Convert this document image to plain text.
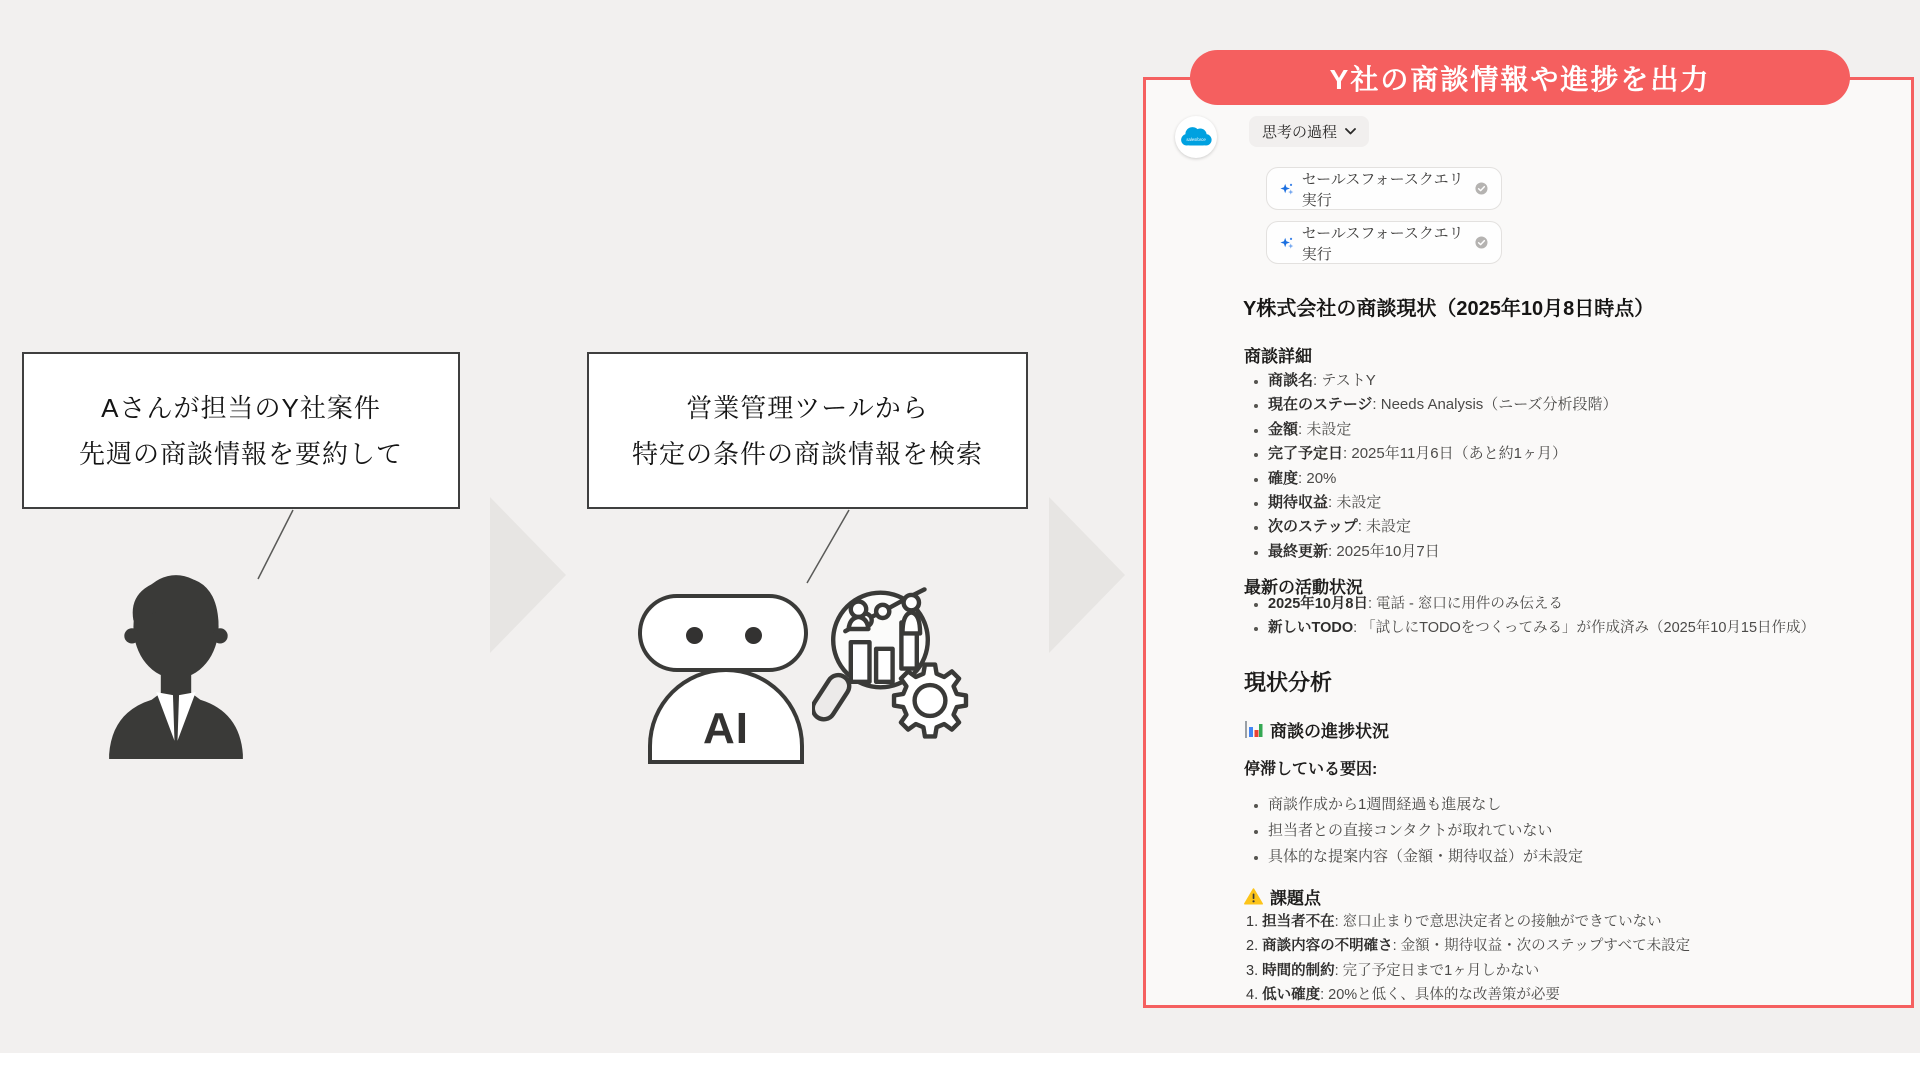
Aさんが担当のY社案件
先週の商談情報を要約して
営業管理ツールから
特定の条件の商談情報を検索
AI
Y社の商談情報や進捗を出力
salesforce	思考の過程
セールスフォースクエリ実行
セールスフォースクエリ実行
Y株式会社の商談現状（2025年10月8日時点）
商談詳細
• 商談名: テストY
• 現在のステージ: Needs Analysis（ニーズ分析段階）
• 金額: 未設定
• 完了予定日: 2025年11月6日（あと約1ヶ月）
• 確度: 20%
• 期待収益: 未設定
• 次のステップ: 未設定
• 最終更新: 2025年10月7日
最新の活動状況
• 2025年10月8日: 電話 - 窓口に用件のみ伝える
• 新しいTODO: 「試しにTODOをつくってみる」が作成済み（2025年10月15日作成）
現状分析
商談の進捗状況
停滞している要因:
• 商談作成から1週間経過も進展なし
• 担当者との直接コンタクトが取れていない
• 具体的な提案内容（金額・期待収益）が未設定
課題点
1. 担当者不在: 窓口止まりで意思決定者との接触ができていない
2. 商談内容の不明確さ: 金額・期待収益・次のステップすべて未設定
3. 時間的制約: 完了予定日まで1ヶ月しかない
4. 低い確度: 20%と低く、具体的な改善策が必要
